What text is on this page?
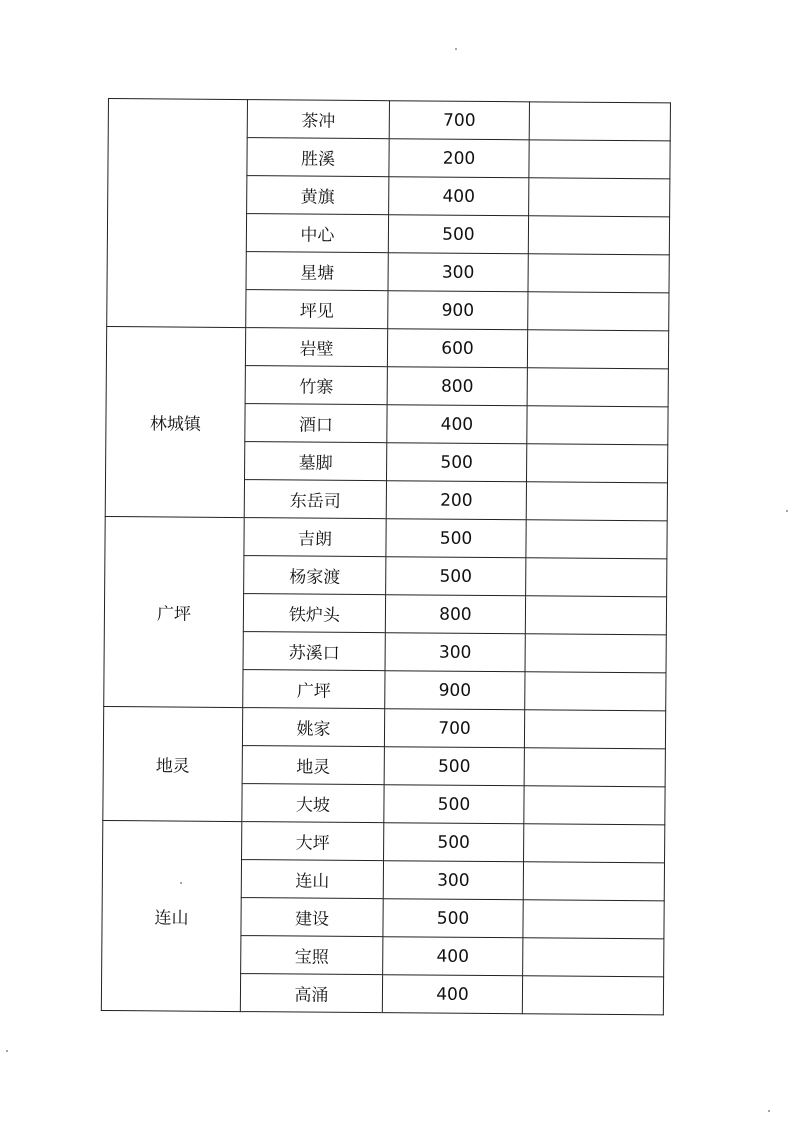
	茶冲	700	
	胜溪	200	
	黄旗	400	
	中心	500	
	星塘	300	
	坪见	900	
林城镇	岩壁	600	
	竹寨	800	
	酒口	400	
	墓脚	500	
	东岳司	200	
广坪	吉朗	500	
	杨家渡	500	
	铁炉头	800	
	苏溪口	300	
	广坪	900	
地灵	姚家	700	
	地灵	500	
	大坡	500	
连山	大坪	500	
	连山	300	
	建设	500	
	宝照	400	
	高涌	400	
